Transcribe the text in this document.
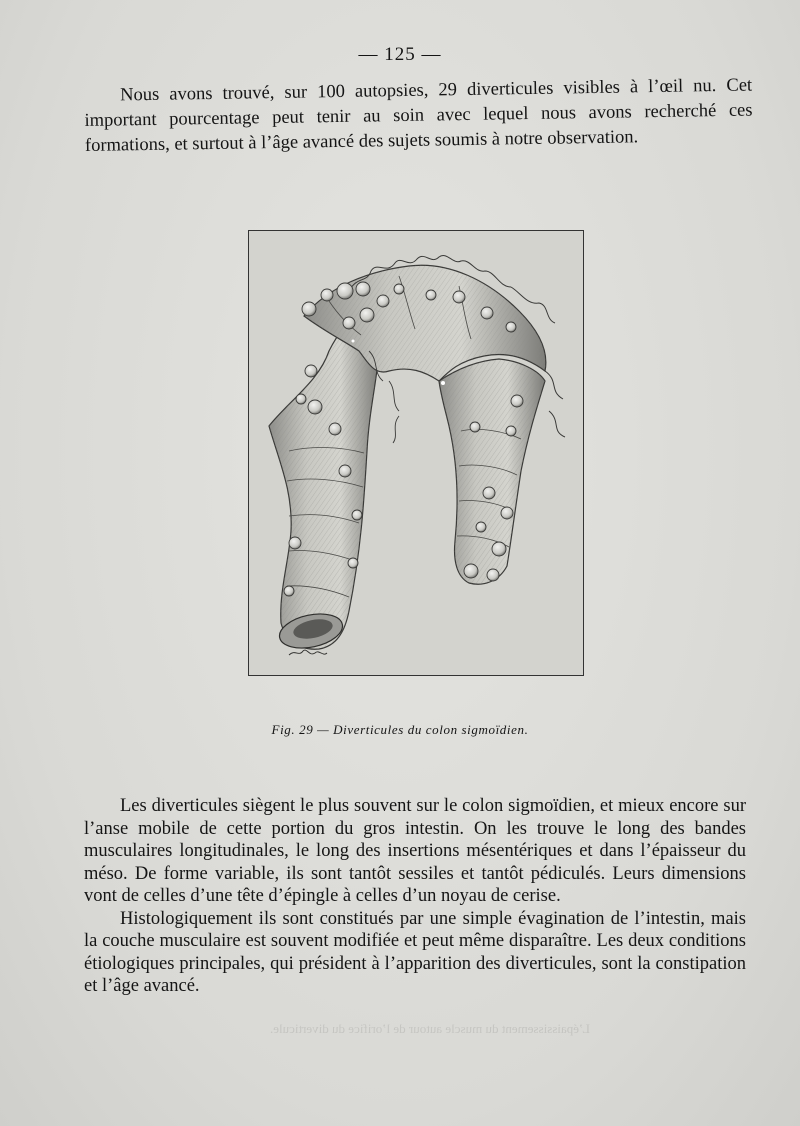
— 125 —

Nous avons trouvé, sur 100 autopsies, 29 diverticules visibles à l’œil nu. Cet important pourcentage peut tenir au soin avec lequel nous avons recherché ces formations, et surtout à l’âge avancé des sujets soumis à notre observation.

Fig. 29 — Diverticules du colon sigmoïdien.

Les diverticules siègent le plus souvent sur le colon sigmoïdien, et mieux encore sur l’anse mobile de cette portion du gros intestin. On les trouve le long des bandes musculaires longitudinales, le long des insertions mésentériques et dans l’épaisseur du méso. De forme variable, ils sont tantôt sessiles et tantôt pédiculés. Leurs dimensions vont de celles d’une tête d’épingle à celles d’un noyau de cerise.

Histologiquement ils sont constitués par une simple évagination de l’intestin, mais la couche musculaire est souvent modifiée et peut même disparaître. Les deux conditions étiologiques principales, qui président à l’apparition des diverticules, sont la constipation et l’âge avancé.

L’épaississement du muscle autour de l’orifice du diverticule.
